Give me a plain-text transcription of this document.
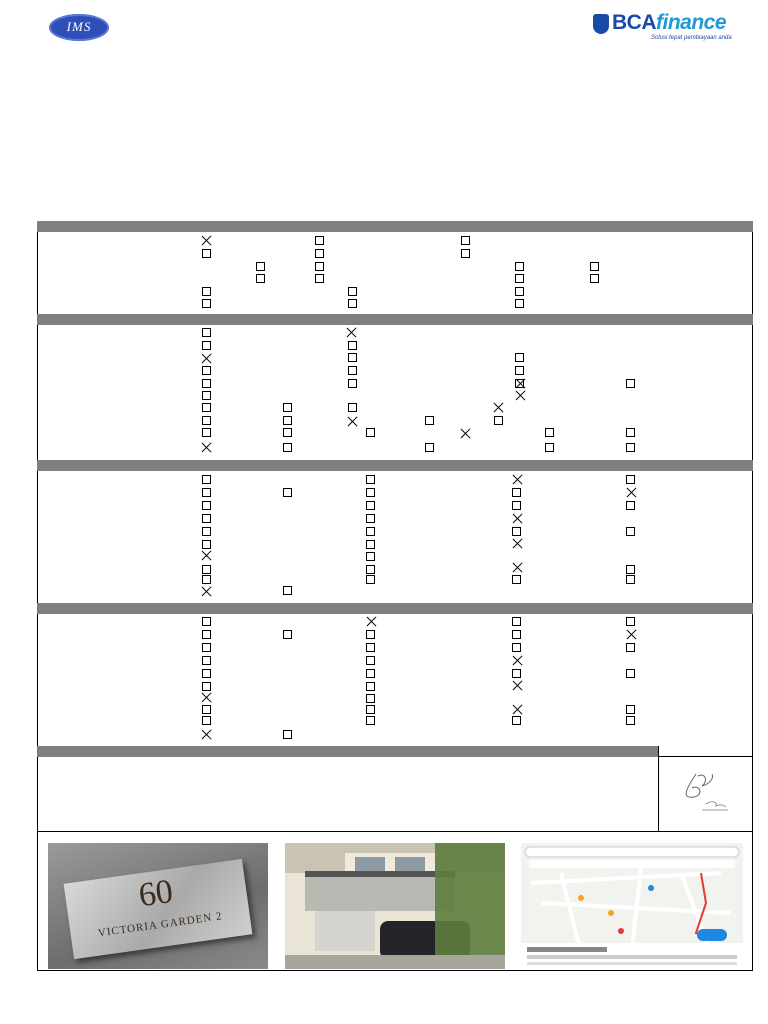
IMS	BCAfinance
Solusi tepat pembiayaan anda
60
VICTORIA GARDEN 2
